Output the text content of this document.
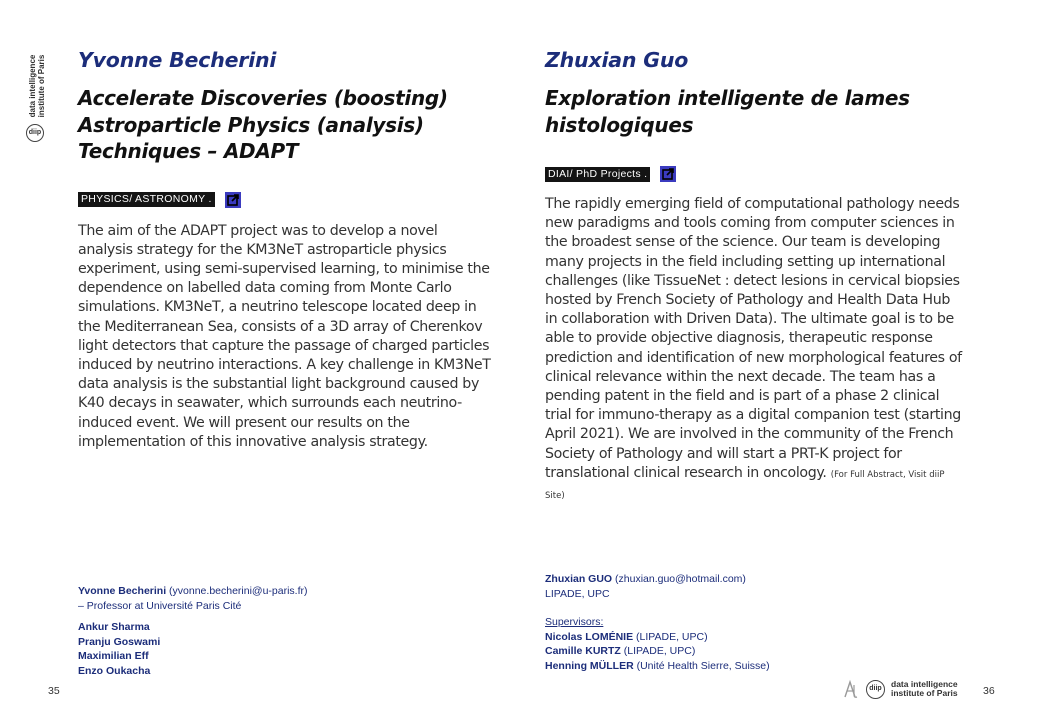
data intelligence institute of Paris
diip
Yvonne Becherini
Accelerate Discoveries (boosting) Astroparticle Physics (analysis) Techniques – ADAPT
PHYSICS/ ASTRONOMY .

The aim of the ADAPT project was to develop a novel analysis strategy for the KM3NeT astroparticle physics experiment, using semi-supervised learning, to minimise the dependence on labelled data coming from Monte Carlo simulations. KM3NeT, a neutrino telescope located deep in the Mediterranean Sea, consists of a 3D array of Cherenkov light detectors that capture the passage of charged particles induced by neutrino interactions. A key challenge in KM3NeT data analysis is the substantial light background caused by K40 decays in seawater, which surrounds each neutrino-induced event. We will present our results on the implementation of this innovative analysis strategy.

Zhuxian Guo
Exploration intelligente de lames histologiques
DIAI/ PhD Projects .

The rapidly emerging field of computational pathology needs new paradigms and tools coming from computer sciences in the broadest sense of the science. Our team is developing many projects in the field including setting up international challenges (like TissueNet : detect lesions in cervical biopsies hosted by French Society of Pathology and Health Data Hub in collaboration with Driven Data). The ultimate goal is to be able to provide objective diagnosis, therapeutic response prediction and identification of new morphological features of clinical relevance within the next decade. The team has a pending patent in the field and is part of a phase 2 clinical trial for immuno-therapy as a digital companion test (starting April 2021). We are involved in the community of the French Society of Pathology and will start a PRT-K project for translational clinical research in oncology. (For Full Abstract, Visit diiP Site)

Yvonne Becherini (yvonne.becherini@u-paris.fr)
– Professor at Université Paris Cité
Ankur Sharma
Pranju Goswami
Maximilian Eff
Enzo Oukacha
Zhuxian GUO (zhuxian.guo@hotmail.com)
LIPADE, UPC
Supervisors:
Nicolas LOMÉNIE (LIPADE, UPC)
Camille KURTZ (LIPADE, UPC)
Henning MÜLLER (Unité Health Sierre, Suisse)
35	36
diip	data intelligence
institute of Paris
